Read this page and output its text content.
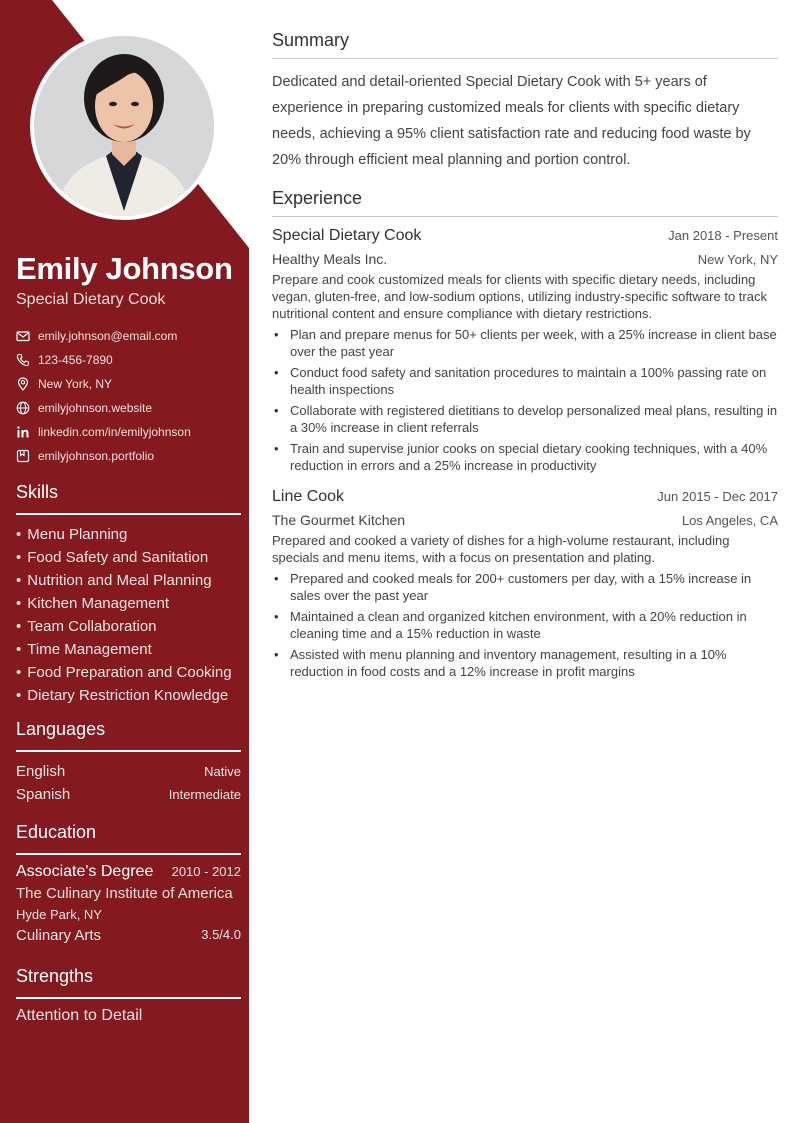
Emily Johnson
Special Dietary Cook
emily.johnson@email.com
123-456-7890
New York, NY
emilyjohnson.website
linkedin.com/in/emilyjohnson
emilyjohnson.portfolio
Skills
• Menu Planning
• Food Safety and Sanitation
• Nutrition and Meal Planning
• Kitchen Management
• Team Collaboration
• Time Management
• Food Preparation and Cooking
• Dietary Restriction Knowledge
Languages
English	Native
Spanish	Intermediate
Education
Associate's Degree 2010 - 2012
The Culinary Institute of America
Hyde Park, NY
Culinary Arts	3.5/4.0
Strengths
Attention to Detail
Summary

Dedicated and detail-oriented Special Dietary Cook with 5+ years of experience in preparing customized meals for clients with specific dietary needs, achieving a 95% client satisfaction rate and reducing food waste by 20% through efficient meal planning and portion control.

Experience
Special Dietary Cook	Jan 2018 - Present
Healthy Meals Inc.	New York, NY

Prepare and cook customized meals for clients with specific dietary needs, including vegan, gluten-free, and low-sodium options, utilizing industry-specific software to track nutritional content and ensure compliance with dietary restrictions.

• Plan and prepare menus for 50+ clients per week, with a 25% increase in client base over the past year
• Conduct food safety and sanitation procedures to maintain a 100% passing rate on health inspections
• Collaborate with registered dietitians to develop personalized meal plans, resulting in a 30% increase in client referrals
• Train and supervise junior cooks on special dietary cooking techniques, with a 40% reduction in errors and a 25% increase in productivity
Line Cook	Jun 2015 - Dec 2017
The Gourmet Kitchen	Los Angeles, CA

Prepared and cooked a variety of dishes for a high-volume restaurant, including specials and menu items, with a focus on presentation and plating.

• Prepared and cooked meals for 200+ customers per day, with a 15% increase in sales over the past year
• Maintained a clean and organized kitchen environment, with a 20% reduction in cleaning time and a 15% reduction in waste
• Assisted with menu planning and inventory management, resulting in a 10% reduction in food costs and a 12% increase in profit margins
